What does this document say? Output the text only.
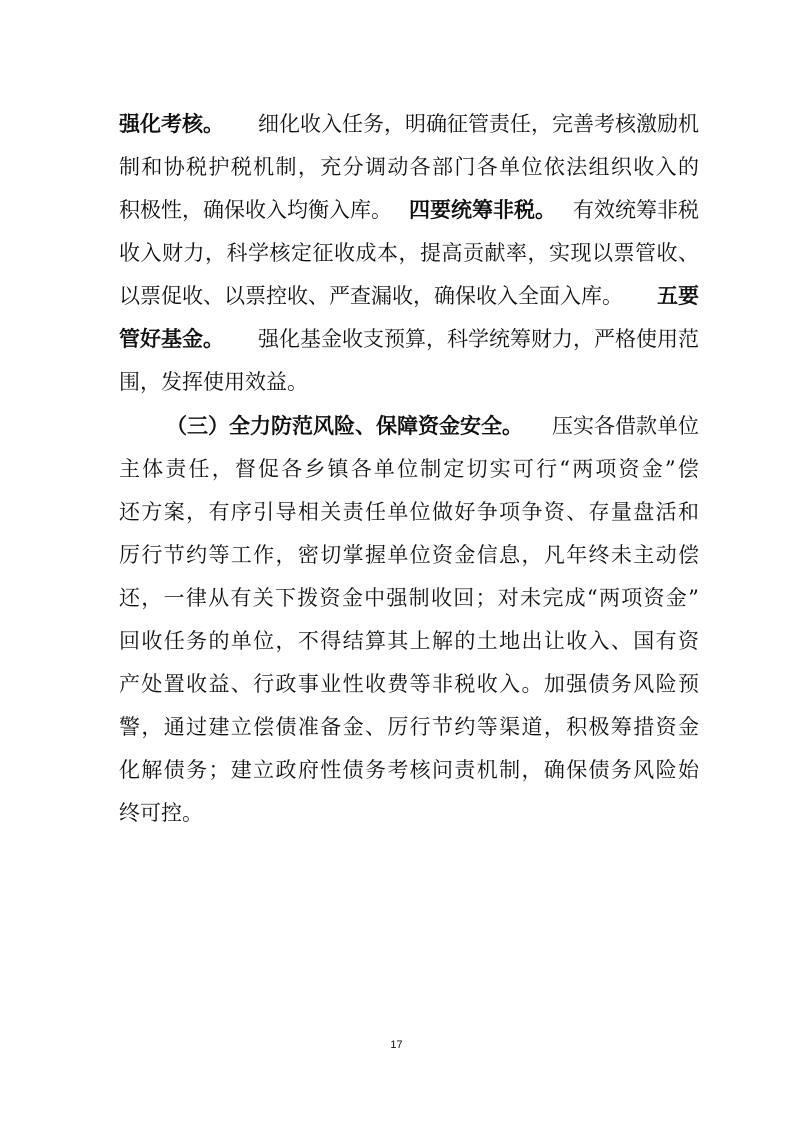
强化考核。 细化收入任务，明确征管责任，完善考核激励机
制 和 协 税 护 税 机 制 ， 充 分 调 动 各 部 门 各 单 位 依 法 组 织 收 入 的
积极性，确保收入均衡入库。 四要统筹非税。 有效统筹非税
收 入 财 力 ， 科 学 核 定 征 收 成 本 ， 提 高 贡 献 率 ， 实 现 以 票 管 收 、
以票促收、以票控收、严查漏收，确保收入全面入库。 五要
管好基金。 强化基金收支预算，科学统筹财力，严格使用范
围，发挥使用效益。
（三）全力防范风险、保障资金安全。 压实各借款单位
主 体 责 任 ， 督 促 各 乡 镇 各 单 位 制 定 切 实 可 行 “ 两 项 资 金 ” 偿
还 方 案 ， 有 序 引 导 相 关 责 任 单 位 做 好 争 项 争 资 、 存 量 盘 活 和
厉 行 节 约 等 工 作 ， 密 切 掌 握 单 位 资 金 信 息 ， 凡 年 终 未 主 动 偿
还 ， 一 律 从 有 关 下 拨 资 金 中 强 制 收 回 ； 对 未 完 成 “ 两 项 资 金 ”
回 收 任 务 的 单 位 ， 不 得 结 算 其 上 解 的 土 地 出 让 收 入 、 国 有 资
产 处 置 收 益 、 行 政 事 业 性 收 费 等 非 税 收 入 。 加 强 债 务 风 险 预
警 ， 通 过 建 立 偿 债 准 备 金 、 厉 行 节 约 等 渠 道 ， 积 极 筹 措 资 金
化 解 债 务 ； 建 立 政 府 性 债 务 考 核 问 责 机 制 ， 确 保 债 务 风 险 始
终可控。
17
